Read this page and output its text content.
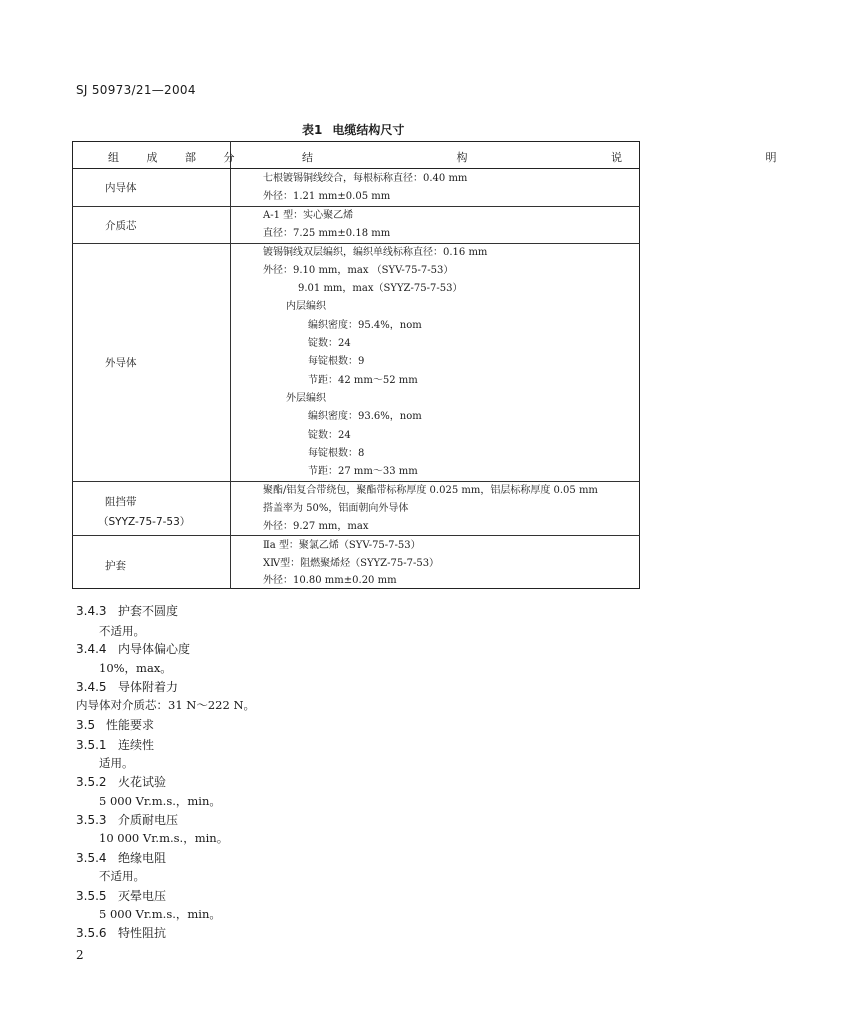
SJ 50973/21—2004
表1 电缆结构尺寸
组 成 部 分	结 构 说 明
内导体
七根镀锡铜线绞合，每根标称直径：0.40 mm
外径：1.21 mm±0.05 mm
介质芯
A-1 型：实心聚乙烯
直径：7.25 mm±0.18 mm
外导体
镀锡铜线双层编织，编织单线标称直径：0.16 mm
外径：9.10 mm，max （SYV-75-7-53）
9.01 mm，max（SYYZ-75-7-53）
内层编织
编织密度：95.4%，nom
锭数：24
每锭根数：9
节距：42 mm～52 mm
外层编织
编织密度：93.6%，nom
锭数：24
每锭根数：8
节距：27 mm～33 mm
阻挡带
（SYYZ-75-7-53）
聚酯/铝复合带绕包，聚酯带标称厚度 0.025 mm，铝层标称厚度 0.05 mm
搭盖率为 50%，铝面朝向外导体
外径：9.27 mm，max
护套
Ⅱa 型：聚氯乙烯（SYV-75-7-53）
ⅩⅣ型：阻燃聚烯烃（SYYZ-75-7-53）
外径：10.80 mm±0.20 mm
3.4.3 护套不圆度
不适用。
3.4.4 内导体偏心度
10%，max。
3.4.5 导体附着力
内导体对介质芯：31 N～222 N。
3.5 性能要求
3.5.1 连续性
适用。
3.5.2 火花试验
5 000 Vr.m.s.，min。
3.5.3 介质耐电压
10 000 Vr.m.s.，min。
3.5.4 绝缘电阻
不适用。
3.5.5 灭晕电压
5 000 Vr.m.s.，min。
3.5.6 特性阻抗
2
